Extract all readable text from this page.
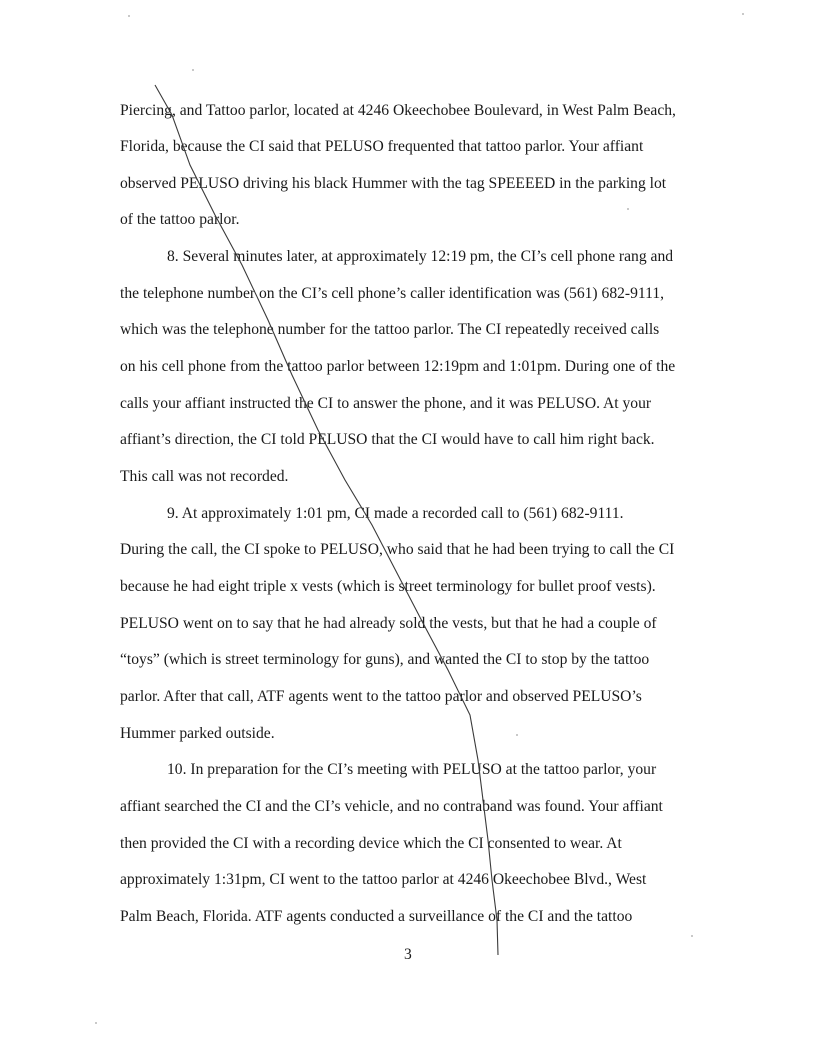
Piercing, and Tattoo parlor, located at 4246 Okeechobee Boulevard, in West Palm Beach,
Florida, because the CI said that PELUSO frequented that tattoo parlor. Your affiant
observed PELUSO driving his black Hummer with the tag SPEEEED in the parking lot
of the tattoo parlor.
8. Several minutes later, at approximately 12:19 pm, the CI’s cell phone rang and
the telephone number on the CI’s cell phone’s caller identification was (561) 682-9111,
which was the telephone number for the tattoo parlor. The CI repeatedly received calls
on his cell phone from the tattoo parlor between 12:19pm and 1:01pm. During one of the
calls your affiant instructed the CI to answer the phone, and it was PELUSO. At your
affiant’s direction, the CI told PELUSO that the CI would have to call him right back.
This call was not recorded.
9. At approximately 1:01 pm, CI made a recorded call to (561) 682-9111.
During the call, the CI spoke to PELUSO, who said that he had been trying to call the CI
because he had eight triple x vests (which is street terminology for bullet proof vests).
PELUSO went on to say that he had already sold the vests, but that he had a couple of
“toys” (which is street terminology for guns), and wanted the CI to stop by the tattoo
parlor. After that call, ATF agents went to the tattoo parlor and observed PELUSO’s
Hummer parked outside.
10. In preparation for the CI’s meeting with PELUSO at the tattoo parlor, your
affiant searched the CI and the CI’s vehicle, and no contraband was found. Your affiant
then provided the CI with a recording device which the CI consented to wear. At
approximately 1:31pm, CI went to the tattoo parlor at 4246 Okeechobee Blvd., West
Palm Beach, Florida. ATF agents conducted a surveillance of the CI and the tattoo
3
